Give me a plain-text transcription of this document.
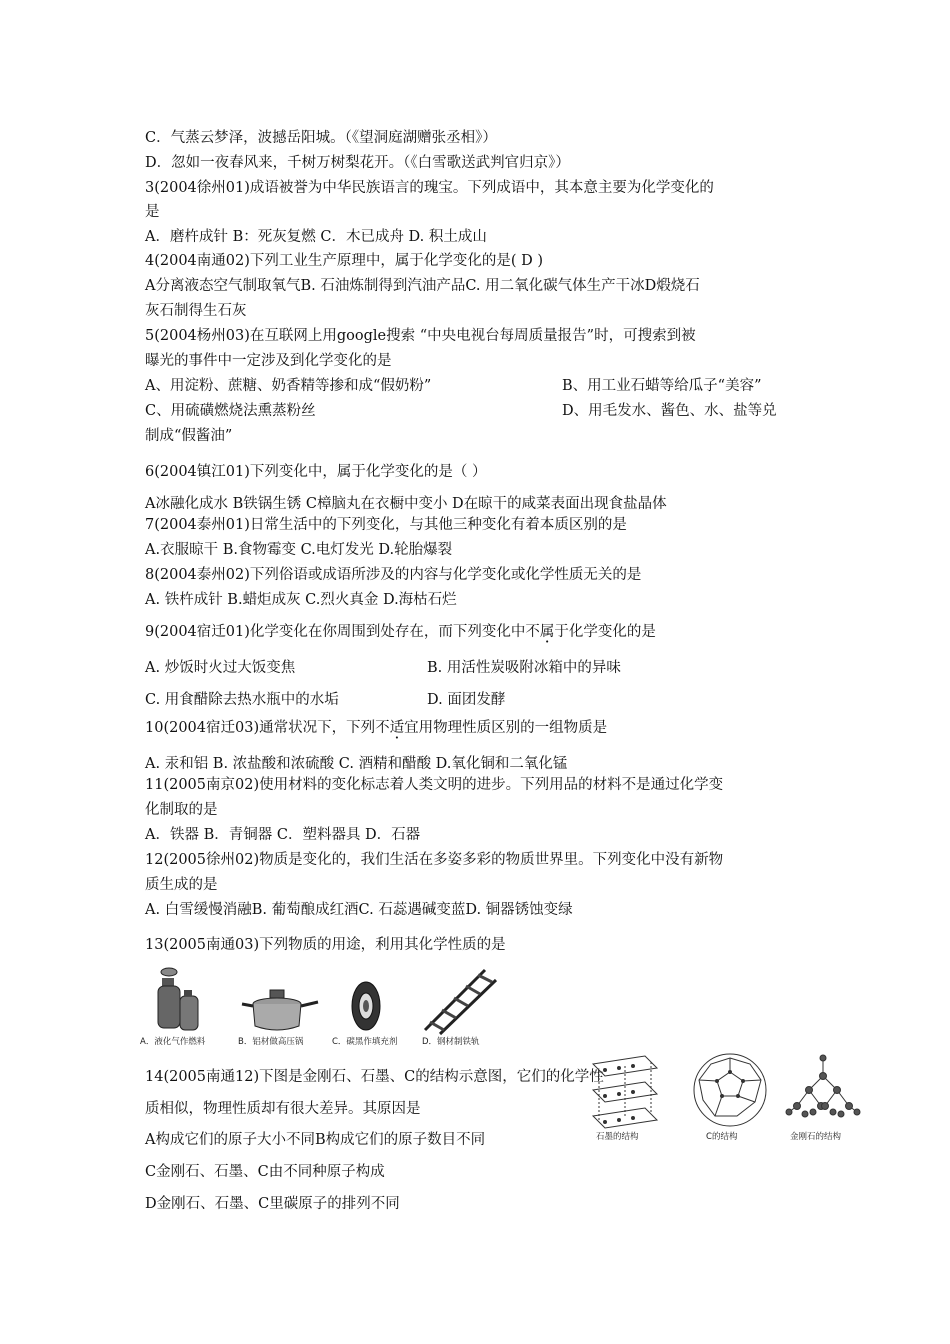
C．气蒸云梦泽，波撼岳阳城。（《望洞庭湖赠张丞相》）
D．忽如一夜春风来，千树万树梨花开。（《白雪歌送武判官归京》）
3(2004徐州01)成语被誉为中华民族语言的瑰宝。下列成语中，其本意主要为化学变化的
是
A．磨杵成针 B：死灰复燃 C．木已成舟 D. 积土成山
4(2004南通02)下列工业生产原理中，属于化学变化的是( D )
A分离液态空气制取氧气B. 石油炼制得到汽油产品C. 用二氧化碳气体生产干冰D煅烧石
灰石制得生石灰
5(2004杨州03)在互联网上用google搜索 “中央电视台每周质量报告”时，可搜索到被
曝光的事件中一定涉及到化学变化的是
A、用淀粉、蔗糖、奶香精等掺和成“假奶粉”	B、用工业石蜡等给瓜子“美容”
C、用硫磺燃烧法熏蒸粉丝	D、用毛发水、酱色、水、盐等兑
制成“假酱油”
6(2004镇江01)下列变化中，属于化学变化的是（ ）
A冰融化成水 B铁锅生锈 C樟脑丸在衣橱中变小 D在晾干的咸菜表面出现食盐晶体
7(2004泰州01)日常生活中的下列变化，与其他三种变化有着本质区别的是
A.衣服晾干 B.食物霉变 C.电灯发光 D.轮胎爆裂
8(2004泰州02)下列俗语或成语所涉及的内容与化学变化或化学性质无关的是
A. 铁杵成针 B.蜡炬成灰 C.烈火真金 D.海枯石烂
9(2004宿迁01)化学变化在你周围到处存在，而下列变化中不属于化学变化的是
A. 炒饭时火过大饭变焦	B. 用活性炭吸附冰箱中的异味
C. 用食醋除去热水瓶中的水垢	D. 面团发酵
10(2004宿迁03)通常状况下，下列不适宜用物理性质区别的一组物质是
A. 汞和铝 B. 浓盐酸和浓硫酸 C. 酒精和醋酸 D.氧化铜和二氧化锰
11(2005南京02)使用材料的变化标志着人类文明的进步。下列用品的材料不是通过化学变
化制取的是
A．铁器 B．青铜器 C．塑料器具 D．石器
12(2005徐州02)物质是变化的，我们生活在多姿多彩的物质世界里。下列变化中没有新物
质生成的是
A. 白雪缓慢消融B. 葡萄酿成红酒C. 石蕊遇碱变蓝D. 铜器锈蚀变绿
13(2005南通03)下列物质的用途，利用其化学性质的是
A．液化气作燃料	B．铝材做高压锅	C．碳黑作填充剂	D．钢材制铁轨
14(2005南通12)下图是金刚石、石墨、C的结构示意图，它们的化学性
质相似，物理性质却有很大差异。其原因是
A构成它们的原子大小不同B构成它们的原子数目不同
C金刚石、石墨、C由不同种原子构成
D金刚石、石墨、C里碳原子的排列不同
石墨的结构	C的结构	金刚石的结构
